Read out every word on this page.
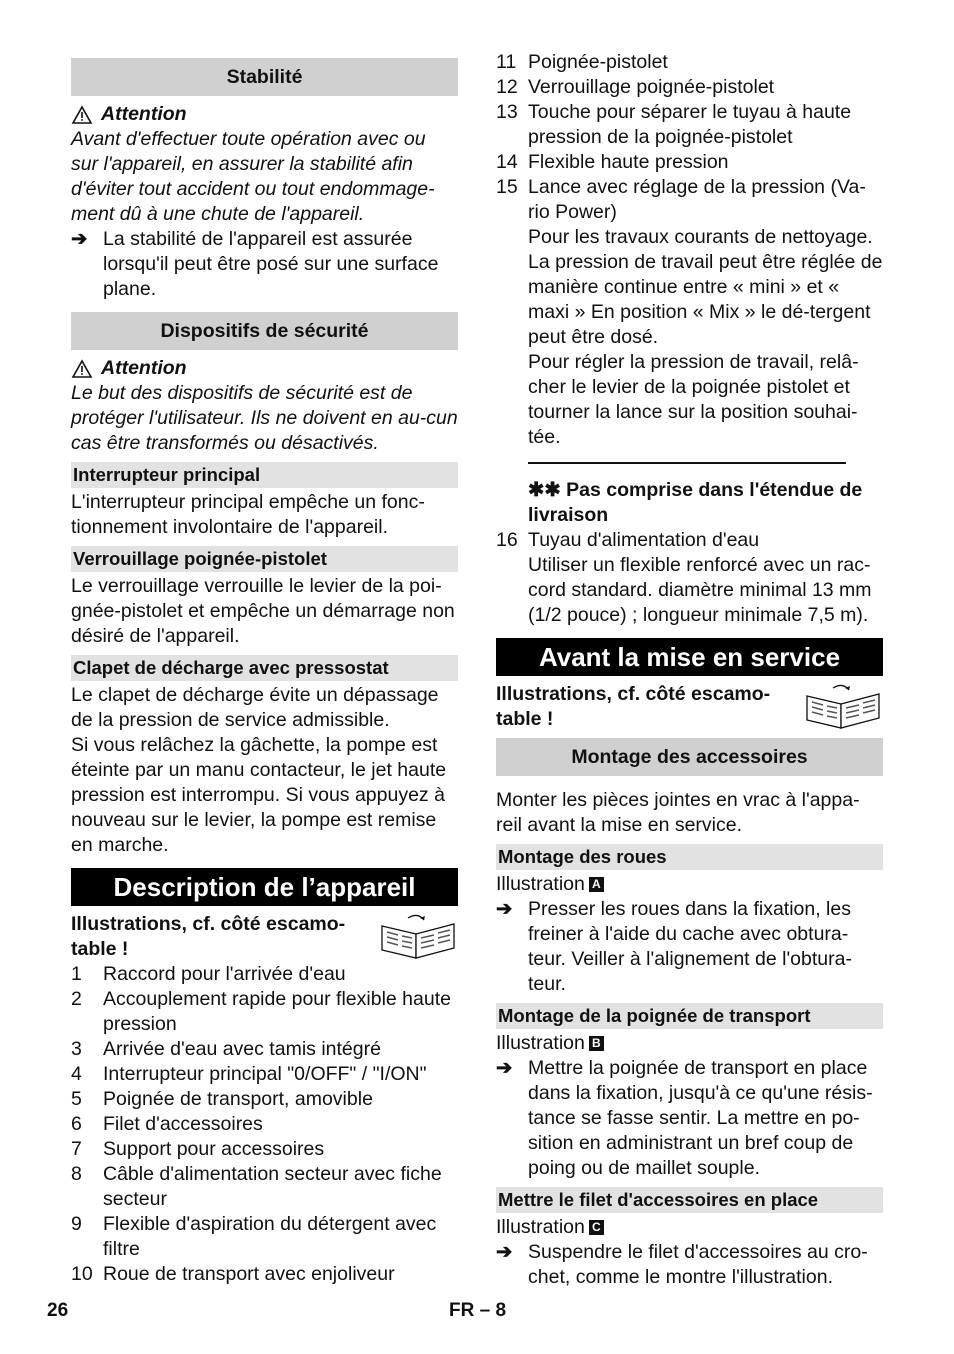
Stabilité
Attention

Avant d'effectuer toute opération avec ou sur l'appareil, en assurer la stabilité afin d'éviter tout accident ou tout endommage-ment dû à une chute de l'appareil.

➔ La stabilité de l'appareil est assurée lorsqu'il peut être posé sur une surface plane.
Dispositifs de sécurité
Attention

Le but des dispositifs de sécurité est de protéger l'utilisateur. Ils ne doivent en au-cun cas être transformés ou désactivés.

Interrupteur principal

L'interrupteur principal empêche un fonc-tionnement involontaire de l'appareil.

Verrouillage poignée-pistolet

Le verrouillage verrouille le levier de la poi-gnée-pistolet et empêche un démarrage non désiré de l'appareil.

Clapet de décharge avec pressostat

Le clapet de décharge évite un dépassage de la pression de service admissible.

Si vous relâchez la gâchette, la pompe est éteinte par un manu contacteur, le jet haute pression est interrompu. Si vous appuyez à nouveau sur le levier, la pompe est remise en marche.

Description de l’appareil
Illustrations, cf. côté escamo-table !
1	Raccord pour l'arrivée d'eau
2	Accouplement rapide pour flexible haute pression
3	Arrivée d'eau avec tamis intégré
4	Interrupteur principal "0/OFF" / "I/ON"
5	Poignée de transport, amovible
6	Filet d'accessoires
7	Support pour accessoires
8	Câble d'alimentation secteur avec fiche secteur
9	Flexible d'aspiration du détergent avec filtre
10 Roue de transport avec enjoliveur
11 Poignée-pistolet
12 Verrouillage poignée-pistolet
13 Touche pour séparer le tuyau à haute pression de la poignée-pistolet
14 Flexible haute pression
15 Lance avec réglage de la pression (Va-rio Power)

Pour les travaux courants de nettoyage. La pression de travail peut être réglée de manière continue entre « mini » et « maxi » En position « Mix » le dé-tergent peut être dosé.

Pour régler la pression de travail, relâ-cher le levier de la poignée pistolet et tourner la lance sur la position souhai-tée.

✱✱ Pas comprise dans l'étendue de livraison
16 Tuyau d'alimentation d'eau

Utiliser un flexible renforcé avec un rac-cord standard. diamètre minimal 13 mm (1/2 pouce) ; longueur minimale 7,5 m).

Avant la mise en service
Illustrations, cf. côté escamo-table !
Montage des accessoires

Monter les pièces jointes en vrac à l'appa-reil avant la mise en service.

Montage des roues
Illustration A
➔ Presser les roues dans la fixation, les freiner à l'aide du cache avec obtura-teur. Veiller à l'alignement de l'obtura-teur.
Montage de la poignée de transport
Illustration B
➔ Mettre la poignée de transport en place dans la fixation, jusqu'à ce qu'une résis-tance se fasse sentir. La mettre en po-sition en administrant un bref coup de poing ou de maillet souple.
Mettre le filet d'accessoires en place
Illustration C
➔ Suspendre le filet d'accessoires au cro-chet, comme le montre l'illustration.
26	FR – 8
